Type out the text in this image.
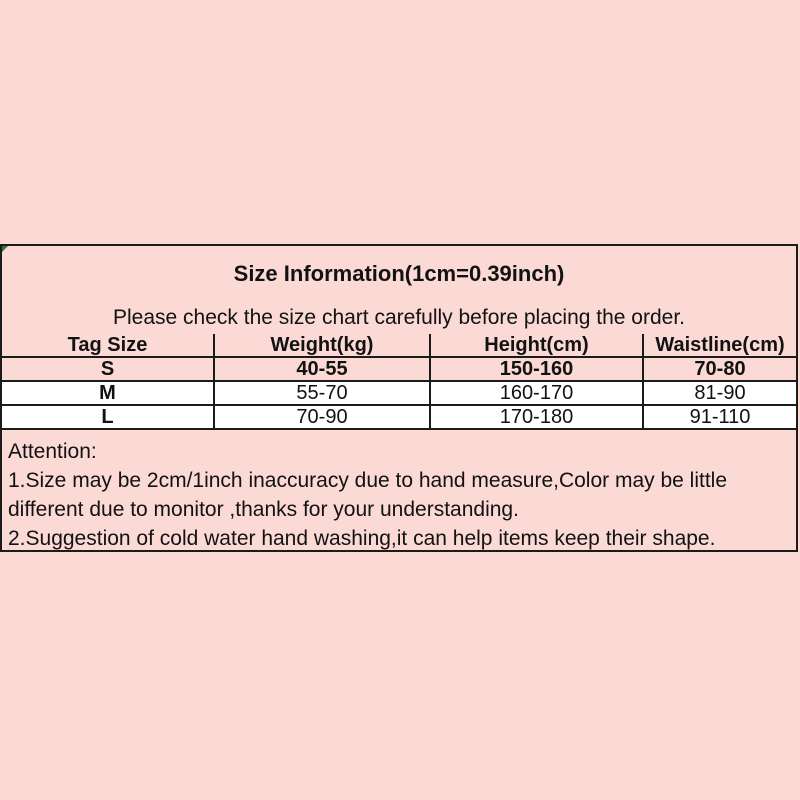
Size Information(1cm=0.39inch)
Please check the size chart carefully before placing the order.
Tag Size	Weight(kg)	Height(cm)	Waistline(cm)
S	40-55	150-160	70-80
M	55-70	160-170	81-90
L	70-90	170-180	91-110
Attention:
1.Size may be 2cm/1inch inaccuracy due to hand measure,Color may be little
different due to monitor ,thanks for your understanding.
2.Suggestion of cold water hand washing,it can help items keep their shape.
